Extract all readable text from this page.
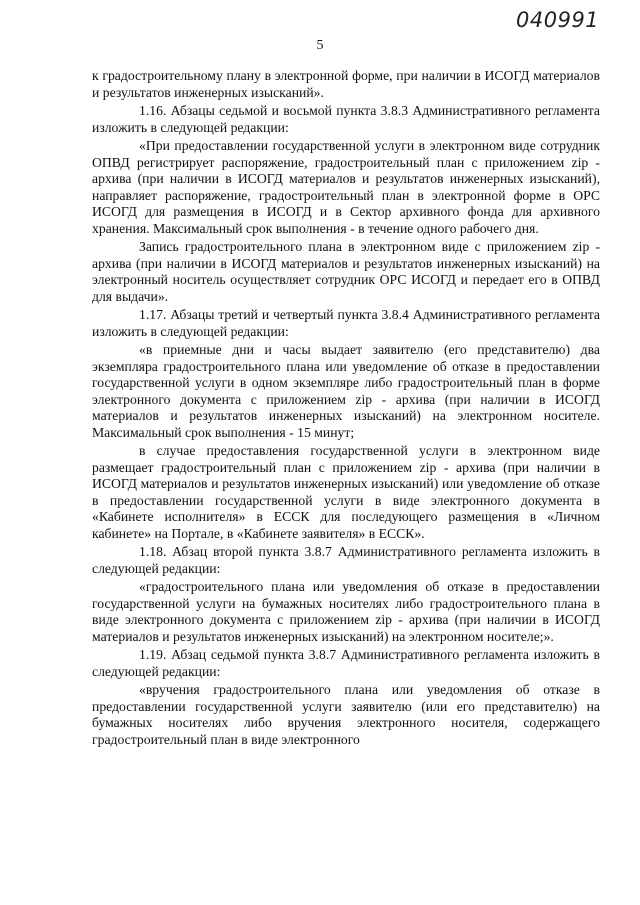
040991
5

к градостроительному плану в электронной форме, при наличии в ИСОГД материалов и результатов инженерных изысканий».

1.16. Абзацы седьмой и восьмой пункта 3.8.3 Административного регламента изложить в следующей редакции:

«При предоставлении государственной услуги в электронном виде сотрудник ОПВД регистрирует распоряжение, градостроительный план с приложением zip - архива (при наличии в ИСОГД материалов и результатов инженерных изысканий), направляет распоряжение, градостроительный план в электронной форме в ОРС ИСОГД для размещения в ИСОГД и в Сектор архивного фонда для архивного хранения. Максимальный срок выполнения - в течение одного рабочего дня.

Запись градостроительного плана в электронном виде с приложением zip - архива (при наличии в ИСОГД материалов и результатов инженерных изысканий) на электронный носитель осуществляет сотрудник ОРС ИСОГД и передает его в ОПВД для выдачи».

1.17. Абзацы третий и четвертый пункта 3.8.4 Административного регламента изложить в следующей редакции:

«в приемные дни и часы выдает заявителю (его представителю) два экземпляра градостроительного плана или уведомление об отказе в предоставлении государственной услуги в одном экземпляре либо градостроительный план в форме электронного документа с приложением zip - архива (при наличии в ИСОГД материалов и результатов инженерных изысканий) на электронном носителе. Максимальный срок выполнения - 15 минут;

в случае предоставления государственной услуги в электронном виде размещает градостроительный план с приложением zip - архива (при наличии в ИСОГД материалов и результатов инженерных изысканий) или уведомление об отказе в предоставлении государственной услуги в виде электронного документа в «Кабинете исполнителя» в ЕССК для последующего размещения в «Личном кабинете» на Портале, в «Кабинете заявителя» в ЕССК».

1.18. Абзац второй пункта 3.8.7 Административного регламента изложить в следующей редакции:

«градостроительного плана или уведомления об отказе в предоставлении государственной услуги на бумажных носителях либо градостроительного плана в виде электронного документа с приложением zip - архива (при наличии в ИСОГД материалов и результатов инженерных изысканий) на электронном носителе;».

1.19. Абзац седьмой пункта 3.8.7 Административного регламента изложить в следующей редакции:

«вручения градостроительного плана или уведомления об отказе в предоставлении государственной услуги заявителю (или его представителю) на бумажных носителях либо вручения электронного носителя, содержащего градостроительный план в виде электронного
